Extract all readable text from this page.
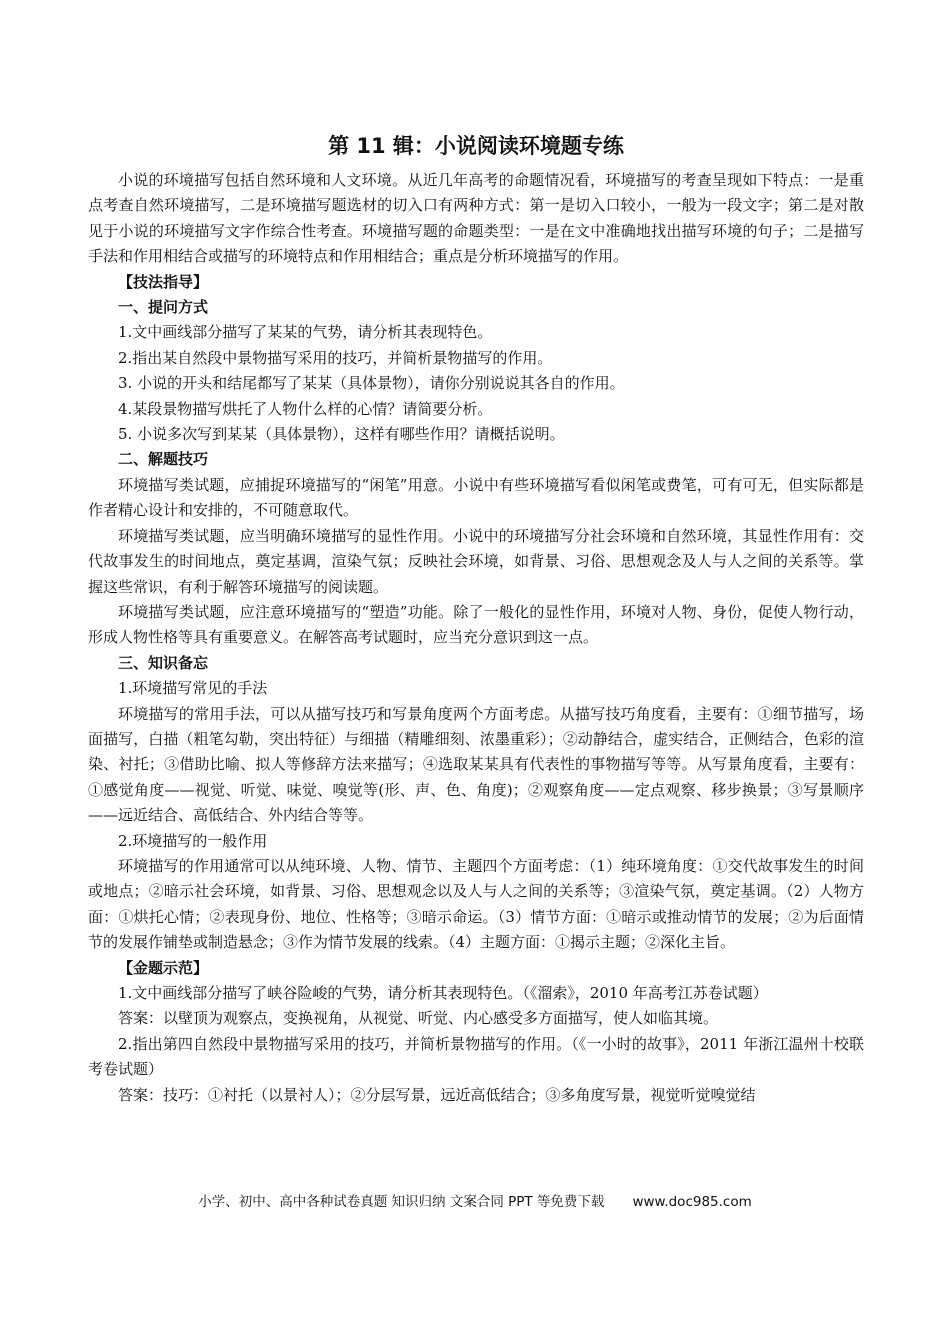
第 11 辑：小说阅读环境题专练

小说的环境描写包括自然环境和人文环境。从近几年高考的命题情况看，环境描写的考查呈现如下特点：一是重点考查自然环境描写，二是环境描写题选材的切入口有两种方式：第一是切入口较小，一般为一段文字；第二是对散见于小说的环境描写文字作综合性考查。环境描写题的命题类型：一是在文中准确地找出描写环境的句子；二是描写手法和作用相结合或描写的环境特点和作用相结合；重点是分析环境描写的作用。

【技法指导】

一、提问方式

1.文中画线部分描写了某某的气势，请分析其表现特色。

2.指出某自然段中景物描写采用的技巧，并简析景物描写的作用。

3. 小说的开头和结尾都写了某某（具体景物），请你分别说说其各自的作用。

4.某段景物描写烘托了人物什么样的心情？请简要分析。

5. 小说多次写到某某（具体景物），这样有哪些作用？请概括说明。

二、解题技巧

环境描写类试题，应捕捉环境描写的“闲笔”用意。小说中有些环境描写看似闲笔或费笔，可有可无，但实际都是作者精心设计和安排的，不可随意取代。

环境描写类试题，应当明确环境描写的显性作用。小说中的环境描写分社会环境和自然环境，其显性作用有：交代故事发生的时间地点，奠定基调，渲染气氛；反映社会环境，如背景、习俗、思想观念及人与人之间的关系等。掌握这些常识，有利于解答环境描写的阅读题。

环境描写类试题，应注意环境描写的“塑造”功能。除了一般化的显性作用，环境对人物、身份，促使人物行动，形成人物性格等具有重要意义。在解答高考试题时，应当充分意识到这一点。

三、知识备忘

1.环境描写常见的手法

环境描写的常用手法，可以从描写技巧和写景角度两个方面考虑。从描写技巧角度看，主要有：①细节描写，场面描写，白描（粗笔勾勒，突出特征）与细描（精雕细刻、浓墨重彩）；②动静结合，虚实结合，正侧结合，色彩的渲染、衬托；③借助比喻、拟人等修辞方法来描写；④选取某某具有代表性的事物描写等等。从写景角度看，主要有：①感觉角度——视觉、听觉、味觉、嗅觉等(形、声、色、角度)；②观察角度——定点观察、移步换景；③写景顺序——远近结合、高低结合、外内结合等等。

2.环境描写的一般作用

环境描写的作用通常可以从纯环境、人物、情节、主题四个方面考虑：（1）纯环境角度：①交代故事发生的时间或地点；②暗示社会环境，如背景、习俗、思想观念以及人与人之间的关系等；③渲染气氛，奠定基调。（2）人物方面：①烘托心情；②表现身份、地位、性格等；③暗示命运。（3）情节方面：①暗示或推动情节的发展；②为后面情节的发展作铺垫或制造悬念；③作为情节发展的线索。（4）主题方面：①揭示主题；②深化主旨。

【金题示范】

1.文中画线部分描写了峡谷险峻的气势，请分析其表现特色。（《溜索》，2010 年高考江苏卷试题）

答案：以壁顶为观察点，变换视角，从视觉、听觉、内心感受多方面描写，使人如临其境。

2.指出第四自然段中景物描写采用的技巧，并简析景物描写的作用。（《一小时的故事》，2011 年浙江温州十校联考卷试题）

答案：技巧：①衬托（以景衬人）；②分层写景，远近高低结合；③多角度写景，视觉听觉嗅觉结

小学、初中、高中各种试卷真题 知识归纳 文案合同 PPT 等免费下载 www.doc985.com
